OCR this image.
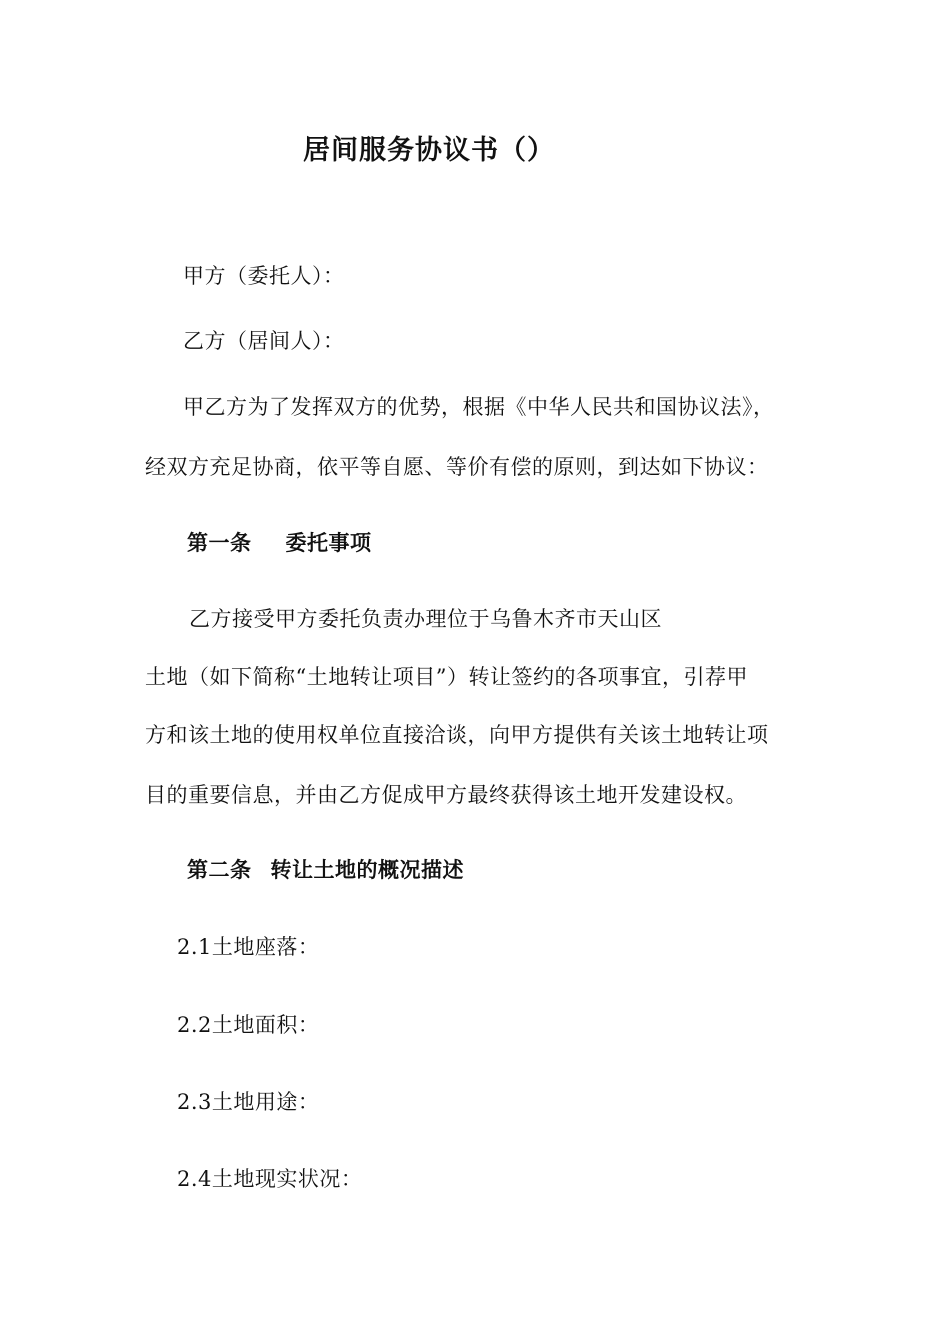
居间服务协议书（）
甲方（委托人）：
乙方（居间人）：
甲乙方为了发挥双方的优势，根据《中华人民共和国协议法》，
经双方充足协商，依平等自愿、等价有偿的原则，到达如下协议：
第一条 委托事项
乙方接受甲方委托负责办理位于乌鲁木齐市天山区
土地（如下简称“土地转让项目”）转让签约的各项事宜，引荐甲
方和该土地的使用权单位直接洽谈，向甲方提供有关该土地转让项
目的重要信息，并由乙方促成甲方最终获得该土地开发建设权。
第二条 转让土地的概况描述
2.1土地座落：
2.2土地面积：
2.3土地用途：
2.4土地现实状况：
